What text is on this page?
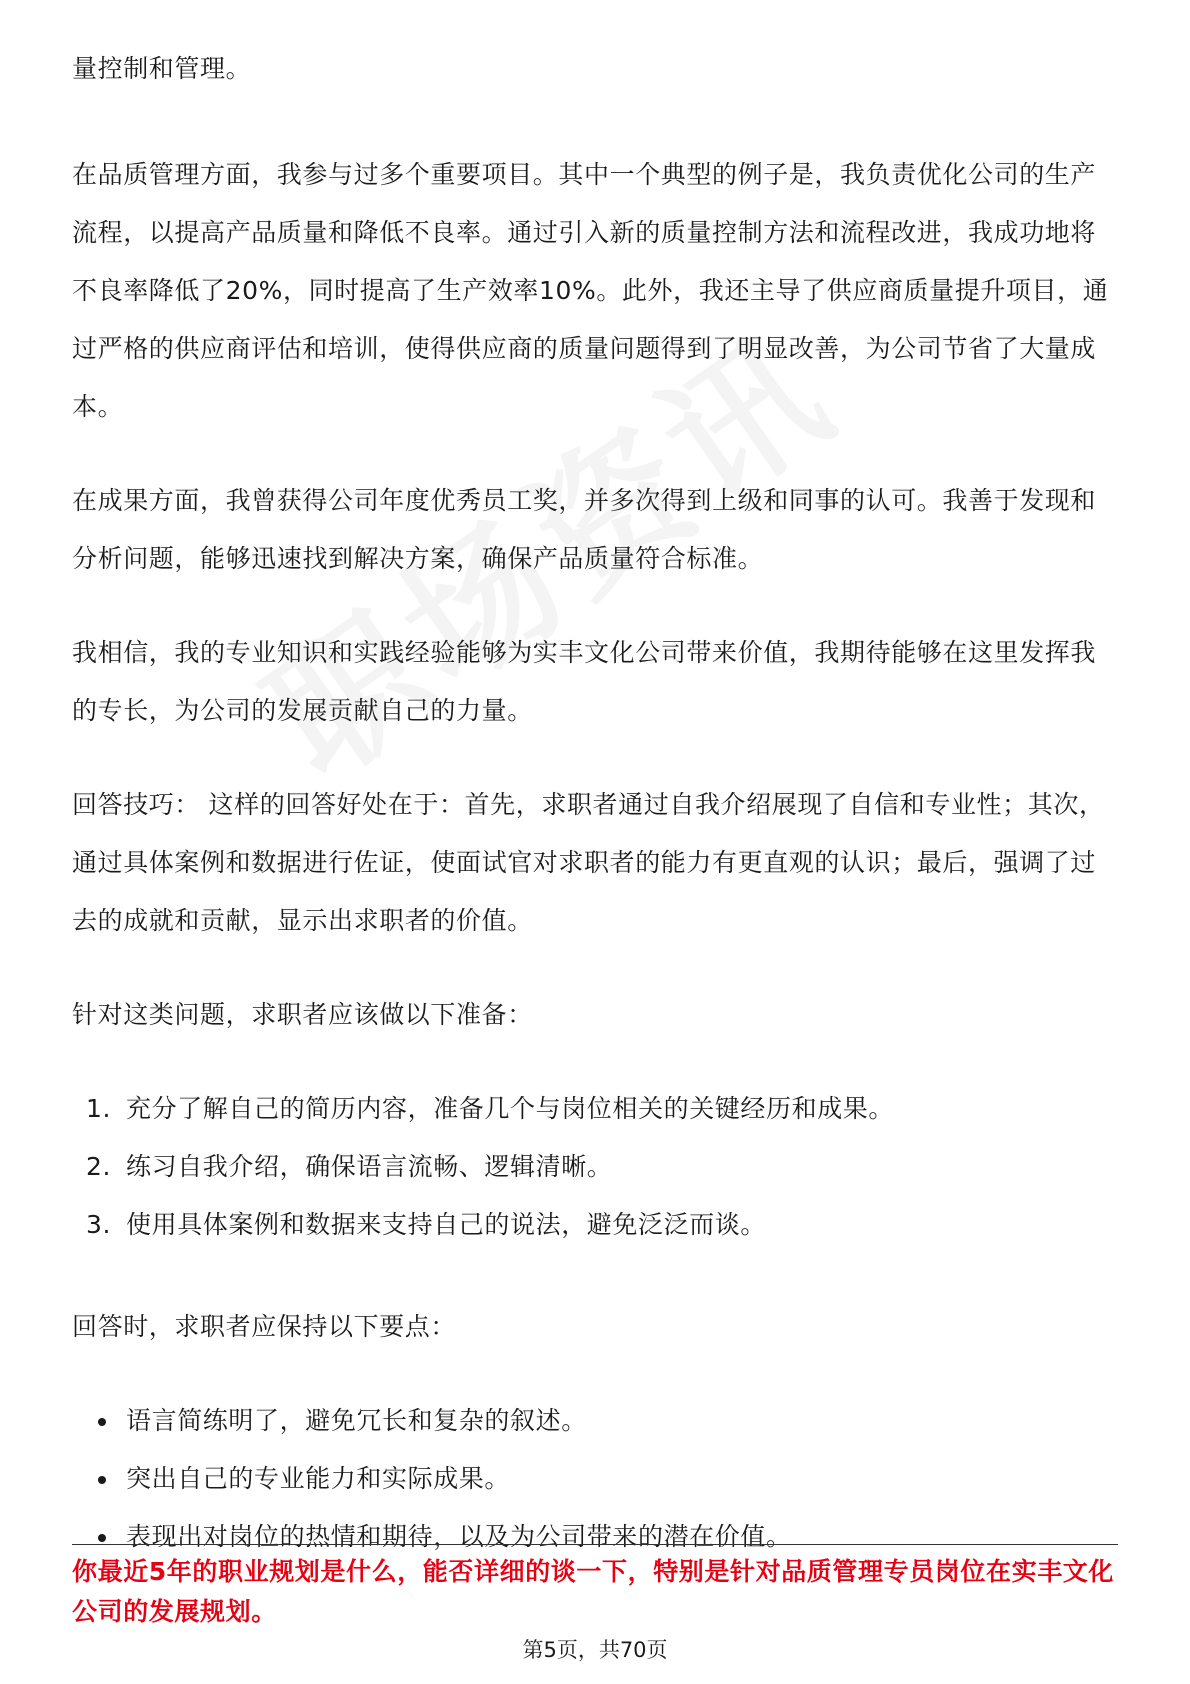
量控制和管理。

在品质管理方面，我参与过多个重要项目。其中一个典型的例子是，我负责优化公司的生产流程，以提高产品质量和降低不良率。通过引入新的质量控制方法和流程改进，我成功地将不良率降低了20%，同时提高了生产效率10%。此外，我还主导了供应商质量提升项目，通过严格的供应商评估和培训，使得供应商的质量问题得到了明显改善，为公司节省了大量成本。

在成果方面，我曾获得公司年度优秀员工奖，并多次得到上级和同事的认可。我善于发现和分析问题，能够迅速找到解决方案，确保产品质量符合标准。

我相信，我的专业知识和实践经验能够为实丰文化公司带来价值，我期待能够在这里发挥我的专长，为公司的发展贡献自己的力量。

回答技巧： 这样的回答好处在于：首先，求职者通过自我介绍展现了自信和专业性；其次，通过具体案例和数据进行佐证，使面试官对求职者的能力有更直观的认识；最后，强调了过去的成就和贡献，显示出求职者的价值。

针对这类问题，求职者应该做以下准备：

1. 充分了解自己的简历内容，准备几个与岗位相关的关键经历和成果。
2. 练习自我介绍，确保语言流畅、逻辑清晰。
3. 使用具体案例和数据来支持自己的说法，避免泛泛而谈。

回答时，求职者应保持以下要点：

语言简练明了，避免冗长和复杂的叙述。
突出自己的专业能力和实际成果。
表现出对岗位的热情和期待，以及为公司带来的潜在价值。

你最近5年的职业规划是什么，能否详细的谈一下，特别是针对品质管理专员岗位在实丰文化公司的发展规划。

第5页，共70页
